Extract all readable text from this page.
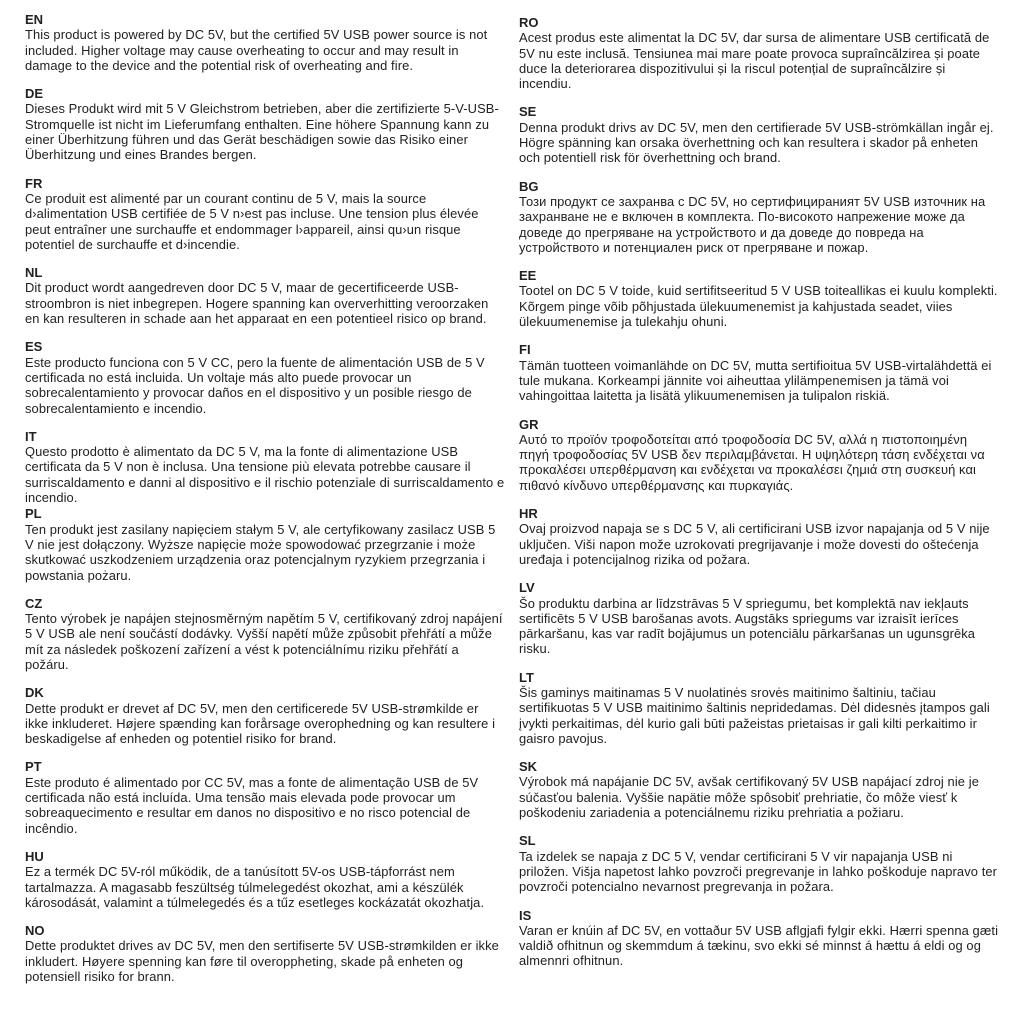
EN
This product is powered by DC 5V, but the certified 5V USB power source is not included. Higher voltage may cause overheating to occur and may result in damage to the device and the potential risk of overheating and fire.
DE
Dieses Produkt wird mit 5 V Gleichstrom betrieben, aber die zertifizierte 5-V-USB-Stromquelle ist nicht im Lieferumfang enthalten. Eine höhere Spannung kann zu einer Überhitzung führen und das Gerät beschädigen sowie das Risiko einer Überhitzung und eines Brandes bergen.
FR
Ce produit est alimenté par un courant continu de 5 V, mais la source d›alimentation USB certifiée de 5 V n›est pas incluse. Une tension plus élevée peut entraîner une surchauffe et endommager l›appareil, ainsi qu›un risque potentiel de surchauffe et d›incendie.
NL
Dit product wordt aangedreven door DC 5 V, maar de gecertificeerde USB-stroombron is niet inbegrepen. Hogere spanning kan oververhitting veroorzaken en kan resulteren in schade aan het apparaat en een potentieel risico op brand.
ES
Este producto funciona con 5 V CC, pero la fuente de alimentación USB de 5 V certificada no está incluida. Un voltaje más alto puede provocar un sobrecalentamiento y provocar daños en el dispositivo y un posible riesgo de sobrecalentamiento e incendio.
IT
Questo prodotto è alimentato da DC 5 V, ma la fonte di alimentazione USB certificata da 5 V non è inclusa. Una tensione più elevata potrebbe causare il surriscaldamento e danni al dispositivo e il rischio potenziale di surriscaldamento e incendio.
PL
Ten produkt jest zasilany napięciem stałym 5 V, ale certyfikowany zasilacz USB 5 V nie jest dołączony. Wyższe napięcie może spowodować przegrzanie i może skutkować uszkodzeniem urządzenia oraz potencjalnym ryzykiem przegrzania i powstania pożaru.
CZ
Tento výrobek je napájen stejnosměrným napětím 5 V, certifikovaný zdroj napájení 5 V USB ale není součástí dodávky. Vyšší napětí může způsobit přehřátí a může mít za následek poškození zařízení a vést k potenciálnímu riziku přehřátí a požáru.
DK
Dette produkt er drevet af DC 5V, men den certificerede 5V USB-strømkilde er ikke inkluderet. Højere spænding kan forårsage overophedning og kan resultere i beskadigelse af enheden og potentiel risiko for brand.
PT
Este produto é alimentado por CC 5V, mas a fonte de alimentação USB de 5V certificada não está incluída. Uma tensão mais elevada pode provocar um sobreaquecimento e resultar em danos no dispositivo e no risco potencial de incêndio.
HU
Ez a termék DC 5V-ról működik, de a tanúsított 5V-os USB-tápforrást nem tartalmazza. A magasabb feszültség túlmelegedést okozhat, ami a készülék károsodását, valamint a túlmelegedés és a tűz esetleges kockázatát okozhatja.
NO
Dette produktet drives av DC 5V, men den sertifiserte 5V USB-strømkilden er ikke inkludert. Høyere spenning kan føre til overoppheting, skade på enheten og potensiell risiko for brann.
RO
Acest produs este alimentat la DC 5V, dar sursa de alimentare USB certificată de 5V nu este inclusă. Tensiunea mai mare poate provoca supraîncălzirea și poate duce la deteriorarea dispozitivului și la riscul potențial de supraîncălzire și incendiu.
SE
Denna produkt drivs av DC 5V, men den certifierade 5V USB-strömkällan ingår ej. Högre spänning kan orsaka överhettning och kan resultera i skador på enheten och potentiell risk för överhettning och brand.
BG
Този продукт се захранва с DC 5V, но сертифицираният 5V USB източник на захранване не е включен в комплекта. По-високото напрежение може да доведе до прегряване на устройството и да доведе до повреда на устройството и потенциален риск от прегряване и пожар.
EE
Tootel on DC 5 V toide, kuid sertifitseeritud 5 V USB toiteallikas ei kuulu komplekti. Kõrgem pinge võib põhjustada ülekuumenemist ja kahjustada seadet, viies ülekuumenemise ja tulekahju ohuni.
FI
Tämän tuotteen voimanlähde on DC 5V, mutta sertifioitua 5V USB-virtalähdettä ei tule mukana. Korkeampi jännite voi aiheuttaa ylilämpenemisen ja tämä voi vahingoittaa laitetta ja lisätä ylikuumenemisen ja tulipalon riskiä.
GR
Αυτό το προϊόν τροφοδοτείται από τροφοδοσία DC 5V, αλλά η πιστοποιημένη πηγή τροφοδοσίας 5V USB δεν περιλαμβάνεται. Η υψηλότερη τάση ενδέχεται να προκαλέσει υπερθέρμανση και ενδέχεται να προκαλέσει ζημιά στη συσκευή και πιθανό κίνδυνο υπερθέρμανσης και πυρκαγιάς.
HR
Ovaj proizvod napaja se s DC 5 V, ali certificirani USB izvor napajanja od 5 V nije uključen. Viši napon može uzrokovati pregrijavanje i može dovesti do oštećenja uređaja i potencijalnog rizika od požara.
LV
Šo produktu darbina ar līdzstrāvas 5 V spriegumu, bet komplektā nav iekļauts sertificēts 5 V USB barošanas avots. Augstāks spriegums var izraisīt ierīces pārkaršanu, kas var radīt bojājumus un potenciālu pārkaršanas un ugunsgrēka risku.
LT
Šis gaminys maitinamas 5 V nuolatinės srovės maitinimo šaltiniu, tačiau sertifikuotas 5 V USB maitinimo šaltinis nepridedamas. Dėl didesnės įtampos gali įvykti perkaitimas, dėl kurio gali būti pažeistas prietaisas ir gali kilti perkaitimo ir gaisro pavojus.
SK
Výrobok má napájanie DC 5V, avšak certifikovaný 5V USB napájací zdroj nie je súčasťou balenia. Vyššie napätie môže spôsobiť prehriatie, čo môže viesť k poškodeniu zariadenia a potenciálnemu riziku prehriatia a požiaru.
SL
Ta izdelek se napaja z DC 5 V, vendar certificirani 5 V vir napajanja USB ni priložen. Višja napetost lahko povzroči pregrevanje in lahko poškoduje napravo ter povzroči potencialno nevarnost pregrevanja in požara.
IS
Varan er knúin af DC 5V, en vottaður 5V USB aflgjafi fylgir ekki. Hærri spenna gæti valdið ofhitnun og skemmdum á tækinu, svo ekki sé minnst á hættu á eldi og og almennri ofhitnun.
